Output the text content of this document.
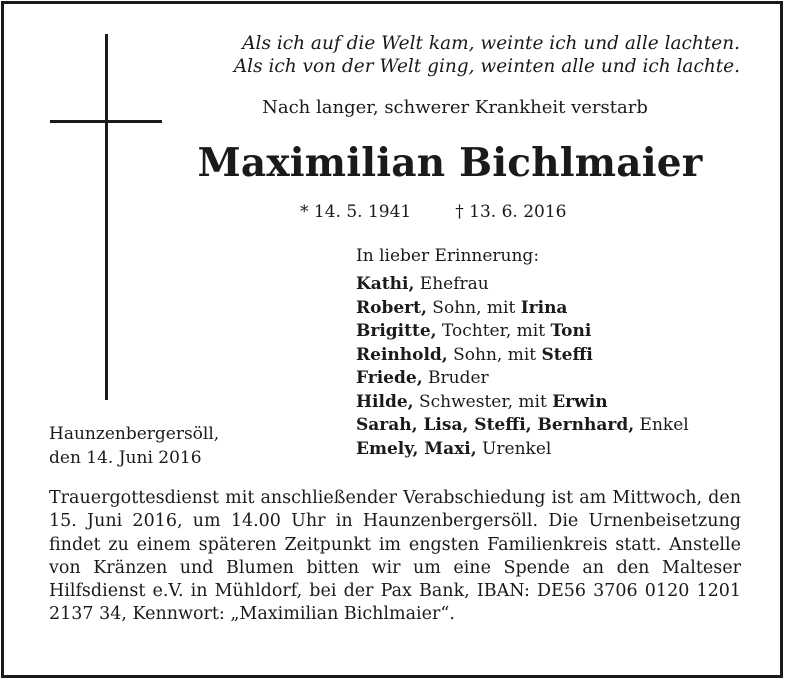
Als ich auf die Welt kam, weinte ich und alle lachten.
Als ich von der Welt ging, weinten alle und ich lachte.
Nach langer, schwerer Krankheit verstarb
Maximilian Bichlmaier
* 14. 5. 1941	† 13. 6. 2016
In lieber Erinnerung:
Kathi, Ehefrau
Robert, Sohn, mit Irina
Brigitte, Tochter, mit Toni
Reinhold, Sohn, mit Steffi
Friede, Bruder
Hilde, Schwester, mit Erwin
Sarah, Lisa, Steffi, Bernhard, Enkel
Emely, Maxi, Urenkel
Haunzenbergersöll,
den 14. Juni 2016
Trauergottesdienst mit anschließender Verabschiedung ist am Mittwoch, den 15. Juni 2016, um 14.00 Uhr in Haunzenbergersöll. Die Urnenbeisetzung findet zu einem späteren Zeitpunkt im engsten Familienkreis statt. Anstelle von Kränzen und Blumen bitten wir um eine Spende an den Malteser Hilfsdienst e.V. in Mühldorf, bei der Pax Bank, IBAN: DE56 3706 0120 1201 2137 34, Kennwort: „Maximilian Bichlmaier“.
